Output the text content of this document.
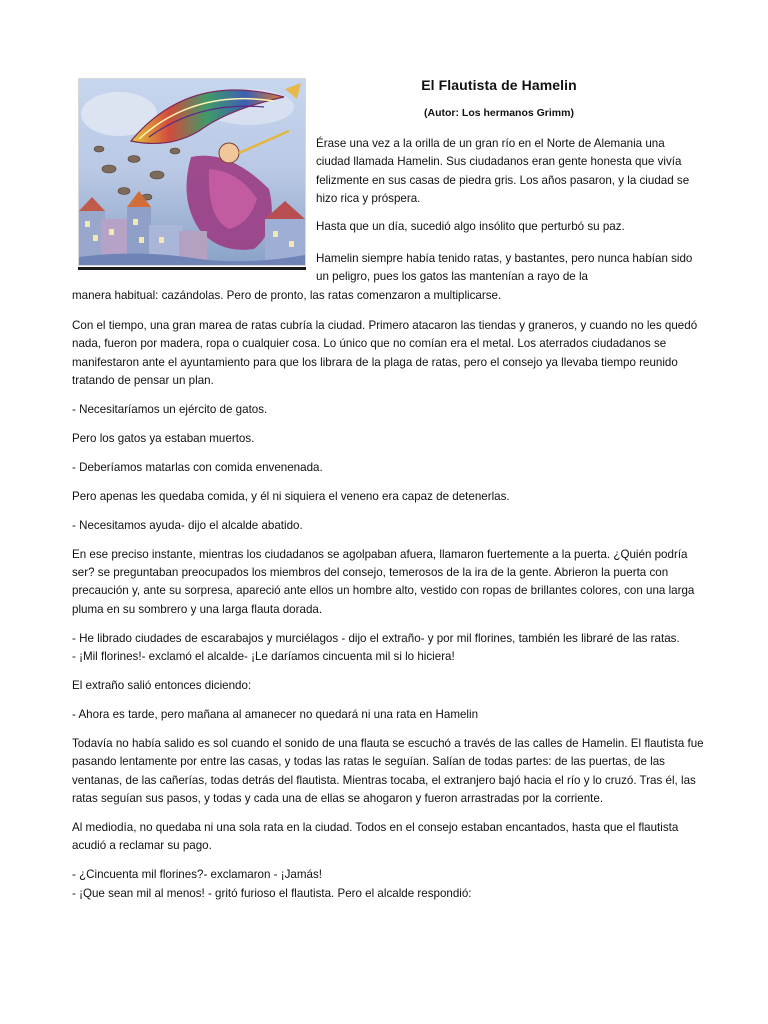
El Flautista de Hamelin
(Autor: Los hermanos Grimm)

Érase una vez a la orilla de un gran río en el Norte de Alemania una ciudad llamada Hamelin. Sus ciudadanos eran gente honesta que vivía felizmente en sus casas de piedra gris. Los años pasaron, y la ciudad se hizo rica y próspera.

Hasta que un día, sucedió algo insólito que perturbó su paz.

Hamelin siempre había tenido ratas, y bastantes, pero nunca habían sido un peligro, pues los gatos las mantenían a rayo de la

manera habitual: cazándolas. Pero de pronto, las ratas comenzaron a multiplicarse.

Con el tiempo, una gran marea de ratas cubría la ciudad. Primero atacaron las tiendas y graneros, y cuando no les quedó nada, fueron por madera, ropa o cualquier cosa. Lo único que no comían era el metal. Los aterrados ciudadanos se manifestaron ante el ayuntamiento para que los librara de la plaga de ratas, pero el consejo ya llevaba tiempo reunido tratando de pensar un plan.

- Necesitaríamos un ejército de gatos.

Pero los gatos ya estaban muertos.

- Deberíamos matarlas con comida envenenada.

Pero apenas les quedaba comida, y él ni siquiera el veneno era capaz de detenerlas.

- Necesitamos ayuda- dijo el alcalde abatido.

En ese preciso instante, mientras los ciudadanos se agolpaban afuera, llamaron fuertemente a la puerta. ¿Quién podría ser? se preguntaban preocupados los miembros del consejo, temerosos de la ira de la gente. Abrieron la puerta con precaución y, ante su sorpresa, apareció ante ellos un hombre alto, vestido con ropas de brillantes colores, con una larga pluma en su sombrero y una larga flauta dorada.

- He librado ciudades de escarabajos y murciélagos - dijo el extraño- y por mil florines, también les libraré de las ratas.

- ¡Mil florines!- exclamó el alcalde- ¡Le daríamos cincuenta mil si lo hiciera!

El extraño salió entonces diciendo:

- Ahora es tarde, pero mañana al amanecer no quedará ni una rata en Hamelin

Todavía no había salido es sol cuando el sonido de una flauta se escuchó a través de las calles de Hamelin. El flautista fue pasando lentamente por entre las casas, y todas las ratas le seguían. Salían de todas partes: de las puertas, de las ventanas, de las cañerías, todas detrás del flautista. Mientras tocaba, el extranjero bajó hacia el río y lo cruzó. Tras él, las ratas seguían sus pasos, y todas y cada una de ellas se ahogaron y fueron arrastradas por la corriente.

Al mediodía, no quedaba ni una sola rata en la ciudad. Todos en el consejo estaban encantados, hasta que el flautista acudió a reclamar su pago.

- ¿Cincuenta mil florines?- exclamaron - ¡Jamás!

- ¡Que sean mil al menos! - gritó furioso el flautista. Pero el alcalde respondió:
